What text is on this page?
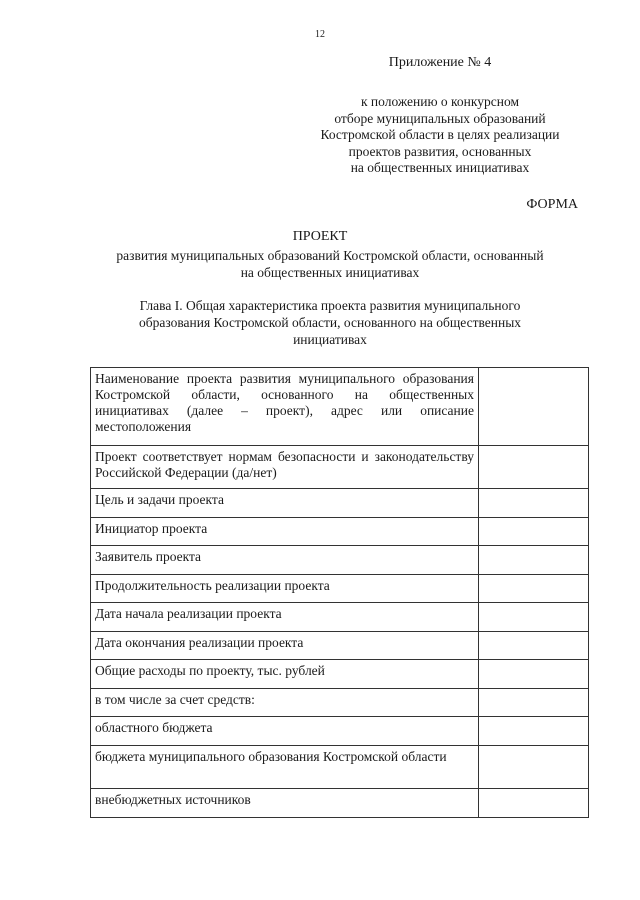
12
Приложение № 4
к положению о конкурсном
отборе муниципальных образований
Костромской области в целях реализации
проектов развития, основанных
на общественных инициативах
ФОРМА
ПРОЕКТ
развития муниципальных образований Костромской области, основанный
на общественных инициативах
Глава I. Общая характеристика проекта развития муниципального
образования Костромской области, основанного на общественных
инициативах
Наименование проекта развития муниципального образования Костромской области, основанного на общественных инициативах (далее – проект), адрес или описание местоположения	
Проект соответствует нормам безопасности и законодательству Российской Федерации (да/нет)	
Цель и задачи проекта	
Инициатор проекта	
Заявитель проекта	
Продолжительность реализации проекта	
Дата начала реализации проекта	
Дата окончания реализации проекта	
Общие расходы по проекту, тыс. рублей	
в том числе за счет средств:	
областного бюджета	
бюджета муниципального образования Костромской области	
внебюджетных источников	
